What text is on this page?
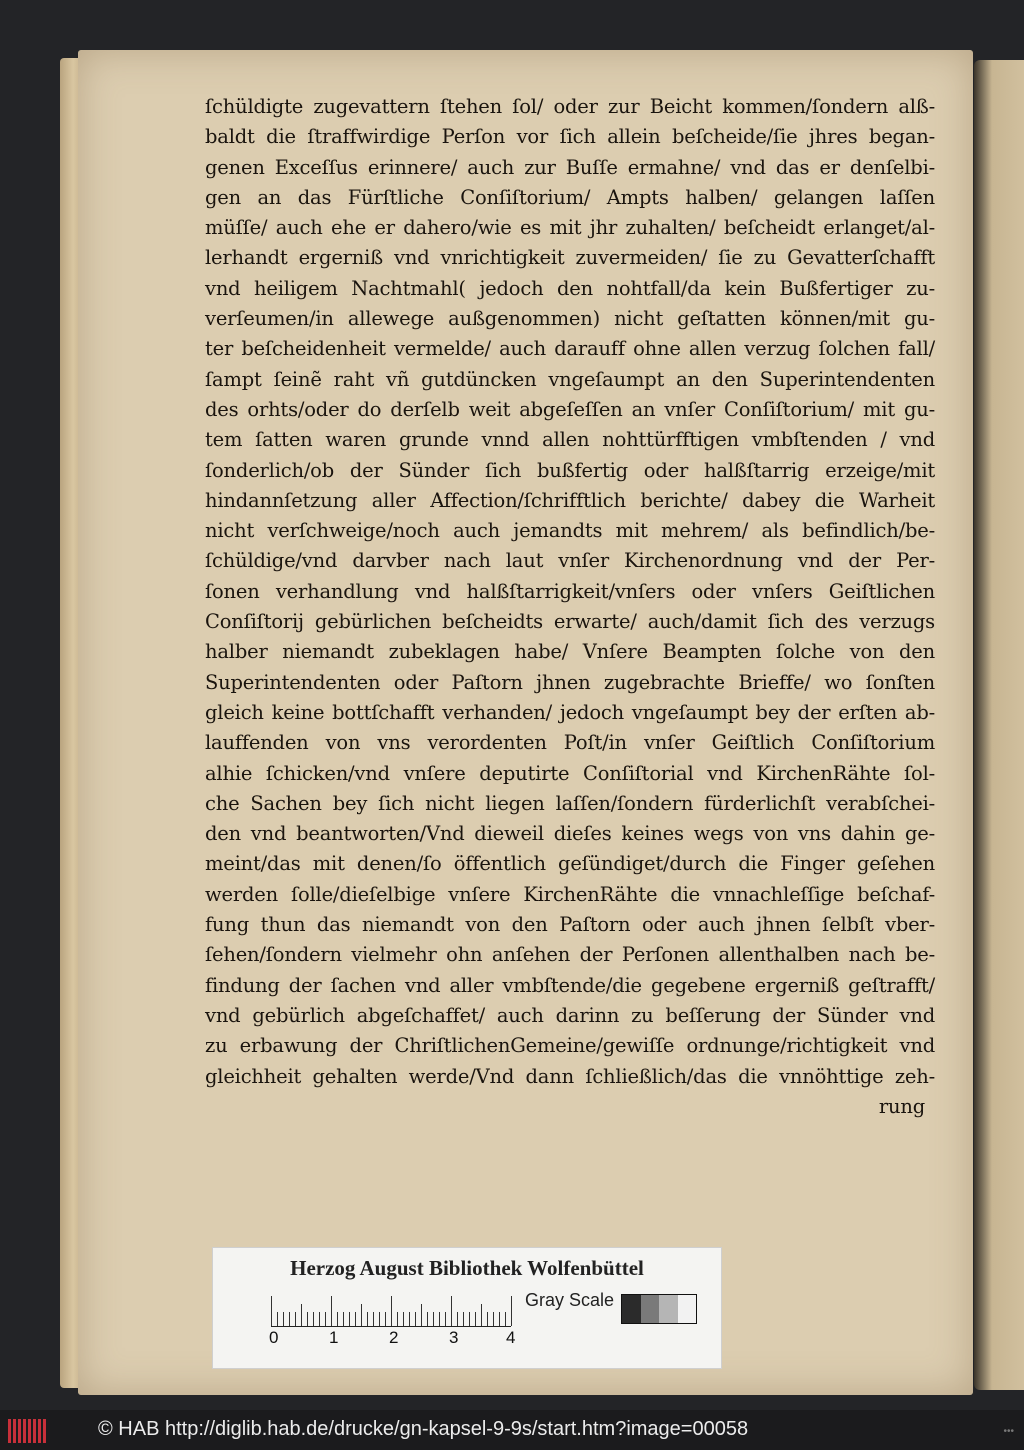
ſchüldigte zugevattern ſtehen ſol/ oder zur Beicht kommen/ſondern alß-
baldt die ſtraffwirdige Perſon vor ſich allein beſcheide/ſie jhres began-
genen Exceſſus erinnere/ auch zur Buſſe ermahne/ vnd das er denſelbi-
gen an das Fürſtliche Conſiſtorium/ Ampts halben/ gelangen laſſen
müſſe/ auch ehe er dahero/wie es mit jhr zuhalten/ beſcheidt erlanget/al-
lerhandt ergerniß vnd vnrichtigkeit zuvermeiden/ ſie zu Gevatterſchafft
vnd heiligem Nachtmahl( jedoch den nohtfall/da kein Bußfertiger zu-
verſeumen/in allewege außgenommen) nicht geſtatten können/mit gu-
ter beſcheidenheit vermelde/ auch darauff ohne allen verzug ſolchen fall/
ſampt ſeinẽ raht vñ gutdüncken vngeſaumpt an den Superintendenten
des orhts/oder do derſelb weit abgeſeſſen an vnſer Conſiſtorium/ mit gu-
tem ſatten waren grunde vnnd allen nohttürfftigen vmbſtenden / vnd
ſonderlich/ob der Sünder ſich bußfertig oder halßſtarrig erzeige/mit
hindannſetzung aller Affection/ſchrifftlich berichte/ dabey die Warheit
nicht verſchweige/noch auch jemandts mit mehrem/ als befindlich/be-
ſchüldige/vnd darvber nach laut vnſer Kirchenordnung vnd der Per-
ſonen verhandlung vnd halßſtarrigkeit/vnſers oder vnſers Geiſtlichen
Conſiſtorij gebürlichen beſcheidts erwarte/ auch/damit ſich des verzugs
halber niemandt zubeklagen habe/ Vnſere Beampten ſolche von den
Superintendenten oder Paſtorn jhnen zugebrachte Brieffe/ wo ſonſten
gleich keine bottſchafft verhanden/ jedoch vngeſaumpt bey der erſten ab-
lauffenden von vns verordenten Poſt/in vnſer Geiſtlich Conſiſtorium
alhie ſchicken/vnd vnſere deputirte Conſiſtorial vnd KirchenRähte ſol-
che Sachen bey ſich nicht liegen laſſen/ſondern fürderlichſt verabſchei-
den vnd beantworten/Vnd dieweil dieſes keines wegs von vns dahin ge-
meint/das mit denen/ſo öffentlich geſündiget/durch die Finger geſehen
werden ſolle/dieſelbige vnſere KirchenRähte die vnnachleſſige beſchaf-
fung thun das niemandt von den Paſtorn oder auch jhnen ſelbſt vber-
ſehen/ſondern vielmehr ohn anſehen der Perſonen allenthalben nach be-
findung der ſachen vnd aller vmbſtende/die gegebene ergerniß geſtrafft/
vnd gebürlich abgeſchaffet/ auch darinn zu beſſerung der Sünder vnd
zu erbawung der ChriſtlichenGemeine/gewiſſe ordnunge/richtigkeit vnd
gleichheit gehalten werde/Vnd dann ſchließlich/das die vnnöhttige zeh-
rung
Herzog August Bibliothek Wolfenbüttel
0	1	2	3	4
Gray Scale
© HAB http://diglib.hab.de/drucke/gn-kapsel-9-9s/start.htm?image=00058	•••
